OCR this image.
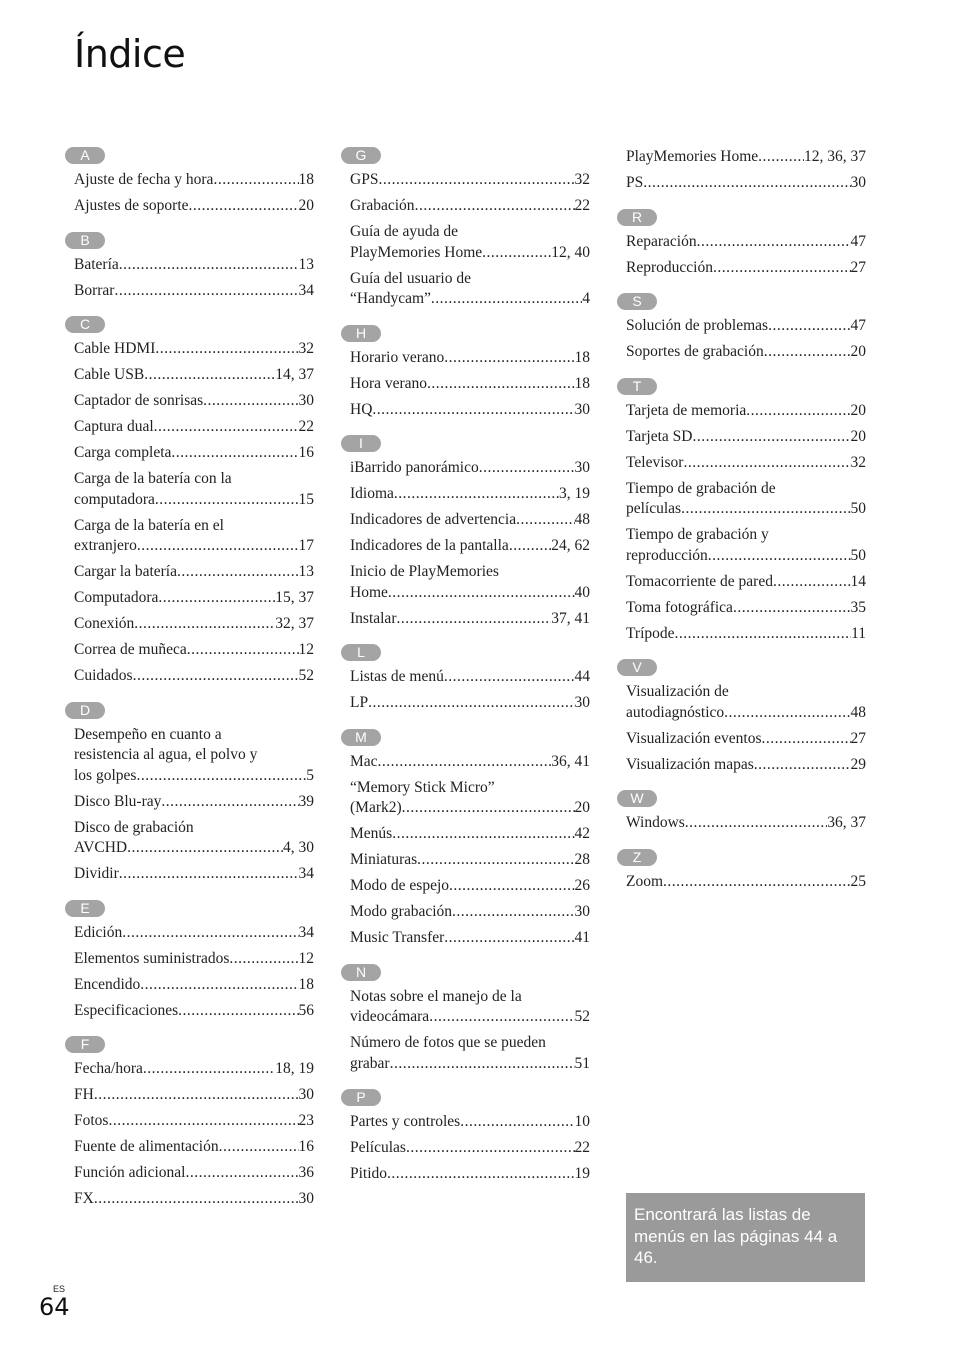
Índice
A
Ajuste de fecha y hora .....	18
Ajustes de soporte .....	20
B
Batería .....	13
Borrar .....	34
C
Cable HDMI .....	32
Cable USB .....	14, 37
Captador de sonrisas .....	30
Captura dual .....	22
Carga completa .....	16
Carga de la batería con la
computadora .....	15
Carga de la batería en el
extranjero .....	17
Cargar la batería .....	13
Computadora .....	15, 37
Conexión .....	32, 37
Correa de muñeca .....	12
Cuidados .....	52
D
Desempeño en cuanto a
resistencia al agua, el polvo y
los golpes .....	5
Disco Blu-ray .....	39
Disco de grabación
AVCHD .....	4, 30
Dividir .....	34
E
Edición .....	34
Elementos suministrados .....	12
Encendido .....	18
Especificaciones .....	56
F
Fecha/hora .....	18, 19
FH .....	30
Fotos .....	23
Fuente de alimentación .....	16
Función adicional .....	36
FX .....	30
G
GPS .....	32
Grabación .....	22
Guía de ayuda de
PlayMemories Home .....	12, 40
Guía del usuario de
“Handycam” .....	4
H
Horario verano .....	18
Hora verano .....	18
HQ .....	30
I
iBarrido panorámico .....	30
Idioma .....	3, 19
Indicadores de advertencia .....	48
Indicadores de la pantalla .....	24, 62
Inicio de PlayMemories
Home .....	40
Instalar .....	37, 41
L
Listas de menú .....	44
LP .....	30
M
Mac .....	36, 41
“Memory Stick Micro”
(Mark2) .....	20
Menús .....	42
Miniaturas .....	28
Modo de espejo .....	26
Modo grabación .....	30
Music Transfer .....	41
N
Notas sobre el manejo de la
videocámara .....	52
Número de fotos que se pueden
grabar .....	51
P
Partes y controles .....	10
Películas .....	22
Pitido .....	19
PlayMemories Home .....	12, 36, 37
PS .....	30
R
Reparación .....	47
Reproducción .....	27
S
Solución de problemas .....	47
Soportes de grabación .....	20
T
Tarjeta de memoria .....	20
Tarjeta SD .....	20
Televisor .....	32
Tiempo de grabación de
películas .....	50
Tiempo de grabación y
reproducción .....	50
Tomacorriente de pared .....	14
Toma fotográfica .....	35
Trípode .....	11
V
Visualización de
autodiagnóstico .....	48
Visualización eventos .....	27
Visualización mapas .....	29
W
Windows .....	36, 37
Z
Zoom .....	25
Encontrará las listas de menús en las páginas 44 a 46.
ES
64
